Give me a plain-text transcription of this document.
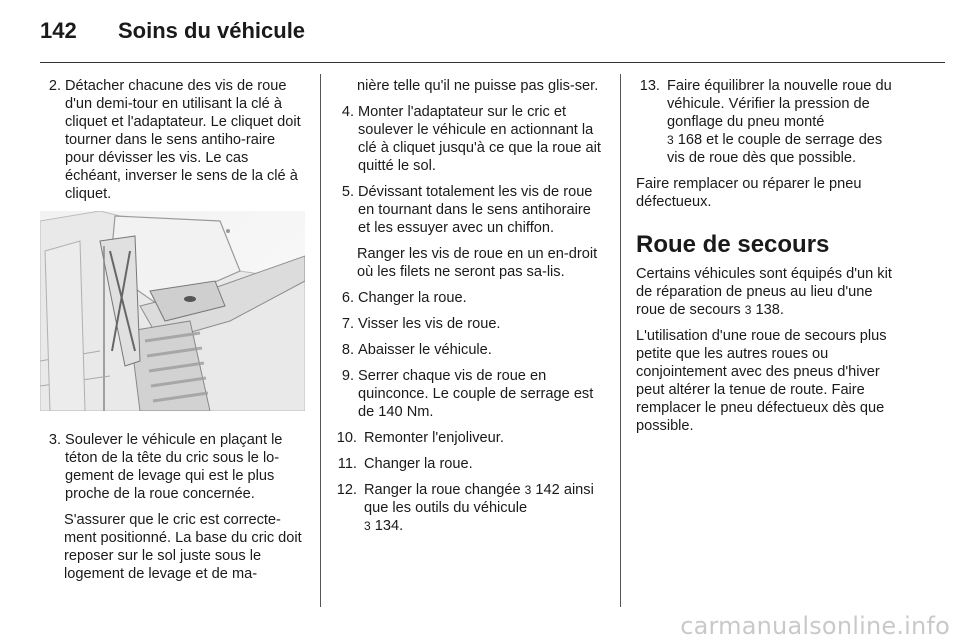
142 Soins du véhicule
2. Détacher chacune des vis de roue d'un demi-tour en utilisant la clé à cliquet et l'adaptateur. Le cliquet doit tourner dans le sens antiho-raire pour dévisser les vis. Le cas échéant, inverser le sens de la clé à cliquet.
3. Soulever le véhicule en plaçant le téton de la tête du cric sous le lo-gement de levage qui est le plus proche de la roue concernée.

S'assurer que le cric est correcte-ment positionné. La base du cric doit reposer sur le sol juste sous le logement de levage et de ma-

nière telle qu'il ne puisse pas glis-ser.

4. Monter l'adaptateur sur le cric et soulever le véhicule en actionnant la clé à cliquet jusqu'à ce que la roue ait quitté le sol.
5. Dévissant totalement les vis de roue en tournant dans le sens antihoraire et les essuyer avec un chiffon.

Ranger les vis de roue en un en-droit où les filets ne seront pas sa-lis.

6. Changer la roue.
7. Visser les vis de roue.
8. Abaisser le véhicule.
9. Serrer chaque vis de roue en quinconce. Le couple de serrage est de 140 Nm.
10. Remonter l'enjoliveur.
11. Changer la roue.
12. Ranger la roue changée 3 142 ainsi que les outils du véhicule
3 134.
13. Faire équilibrer la nouvelle roue du véhicule. Vérifier la pression de gonflage du pneu monté
3 168 et le couple de serrage des vis de roue dès que possible.

Faire remplacer ou réparer le pneu défectueux.

Roue de secours

Certains véhicules sont équipés d'un kit de réparation de pneus au lieu d'une roue de secours 3 138.

L'utilisation d'une roue de secours plus petite que les autres roues ou conjointement avec des pneus d'hiver peut altérer la tenue de route. Faire remplacer le pneu défectueux dès que possible.

carmanualsonline.info
